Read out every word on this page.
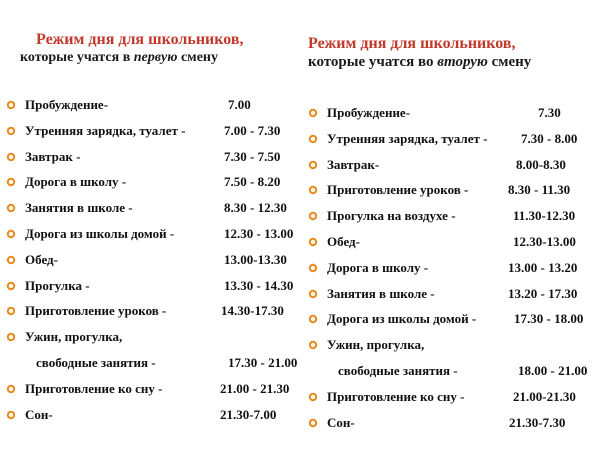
Режим дня для школьников,
которые учатся в первую смену
Пробуждение-	7.00
Утренняя зарядка, туалет -	7.00 - 7.30
Завтрак -	7.30 - 7.50
Дорога в школу -	7.50 - 8.20
Занятия в школе -	8.30 - 12.30
Дорога из школы домой -	12.30 - 13.00
Обед-	13.00-13.30
Прогулка -	13.30 - 14.30
Приготовление уроков -	14.30-17.30
Ужин, прогулка,
свободные занятия -	17.30 - 21.00
Приготовление ко сну -	21.00 - 21.30
Сон-	21.30-7.00
Режим дня для школьников,
которые учатся во вторую смену
Пробуждение-	7.30
Утренняя зарядка, туалет -	7.30 - 8.00
Завтрак-	8.00-8.30
Приготовление уроков -	8.30 - 11.30
Прогулка на воздухе -	11.30-12.30
Обед-	12.30-13.00
Дорога в школу -	13.00 - 13.20
Занятия в школе -	13.20 - 17.30
Дорога из школы домой -	17.30 - 18.00
Ужин, прогулка,
свободные занятия -	18.00 - 21.00
Приготовление ко сну -	21.00-21.30
Сон-	21.30-7.30
